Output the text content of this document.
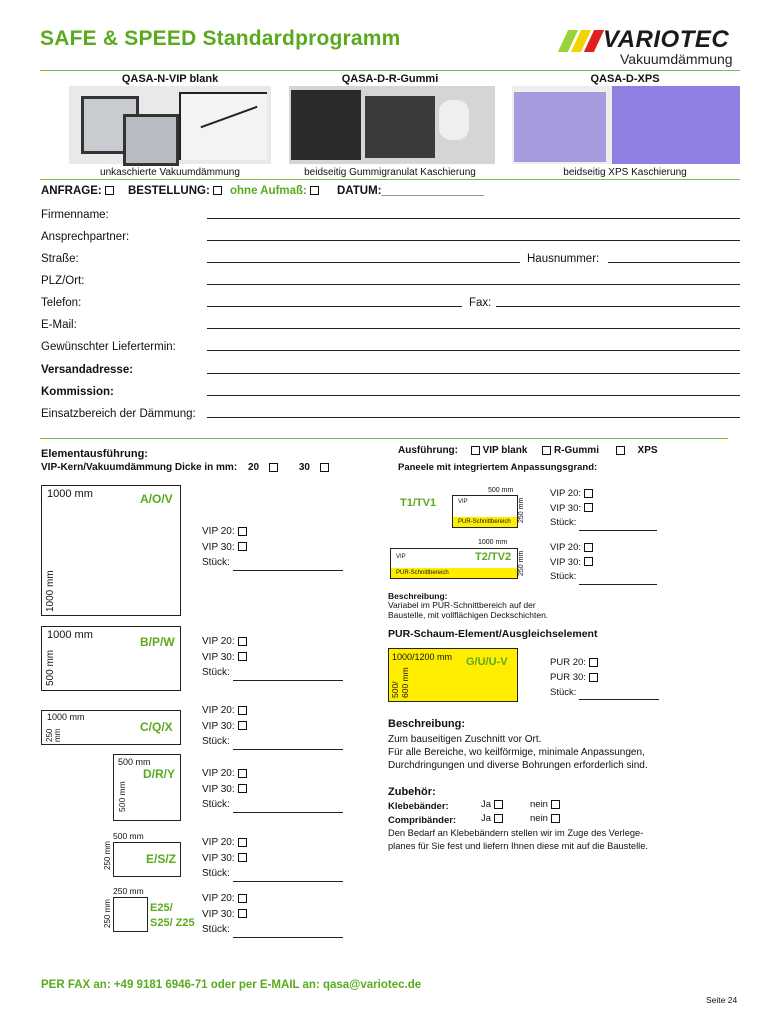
SAFE & SPEED Standardprogramm	VARIOTEC
Vakuumdämmung
QASA-N-VIP blank	QASA-D-R-Gummi	QASA-D-XPS
unkaschierte Vakuumdämmung	beidseitig Gummigranulat Kaschierung	beidseitig XPS Kaschierung
ANFRAGE:	BESTELLUNG:	ohne Aufmaß:	DATUM:________________
Firmenname:
Ansprechpartner:
Straße:	Hausnummer:
PLZ/Ort:
Telefon:	Fax:
E-Mail:
Gewünschter Liefertermin:
Versandadresse:
Kommission:
Einsatzbereich der Dämmung:
Elementausführung:
VIP-Kern/Vakuumdämmung Dicke in mm: 20	30
Ausführung: VIP blank	R-Gummi	XPS
Paneele mit integriertem Anpassungsgrand:
1000 mm	A/O/V
1000 mm
VIP 20:
VIP 30:
Stück:
1000 mm	B/P/W
500 mm
VIP 20:
VIP 30:
Stück:
1000 mm
C/Q/X
250 mm
VIP 20:
VIP 30:
Stück:
500 mm
D/R/Y
500 mm
VIP 20:
VIP 30:
Stück:
500 mm
E/S/Z
250 mm	VIP 20:
VIP 30:
Stück:
250 mm
E25/
S25/ Z25
250 mm
VIP 20:
VIP 30:
Stück:
500 mm
VIP
PUR-Schnittbereich
T1/TV1	250 mm
VIP 20:
VIP 30:
Stück:
1000 mm
VIP
PUR-Schnittbereich
T2/TV2 250 mm
VIP 20:
VIP 30:
Stück:
Beschreibung:
Variabel im PUR-Schnittbereich auf der
Baustelle, mit vollflächigen Deckschichten.
PUR-Schaum-Element/Ausgleichselement
1000/1200 mm G/U/U-V
500/ 600 mm
PUR 20:
PUR 30:
Stück:
Beschreibung:
Zum bauseitigen Zuschnitt vor Ort.
Für alle Bereiche, wo keilförmige, minimale Anpassungen,
Durchdringungen und diverse Bohrungen erforderlich sind.
Zubehör:
Klebebänder:	Ja	nein
Compribänder:	Ja	nein
Den Bedarf an Klebebändern stellen wir im Zuge des Verlege-
planes für Sie fest und liefern Ihnen diese mit auf die Baustelle.
PER FAX an: +49 9181 6946-71 oder per E-MAIL an: qasa@variotec.de
Seite 24
